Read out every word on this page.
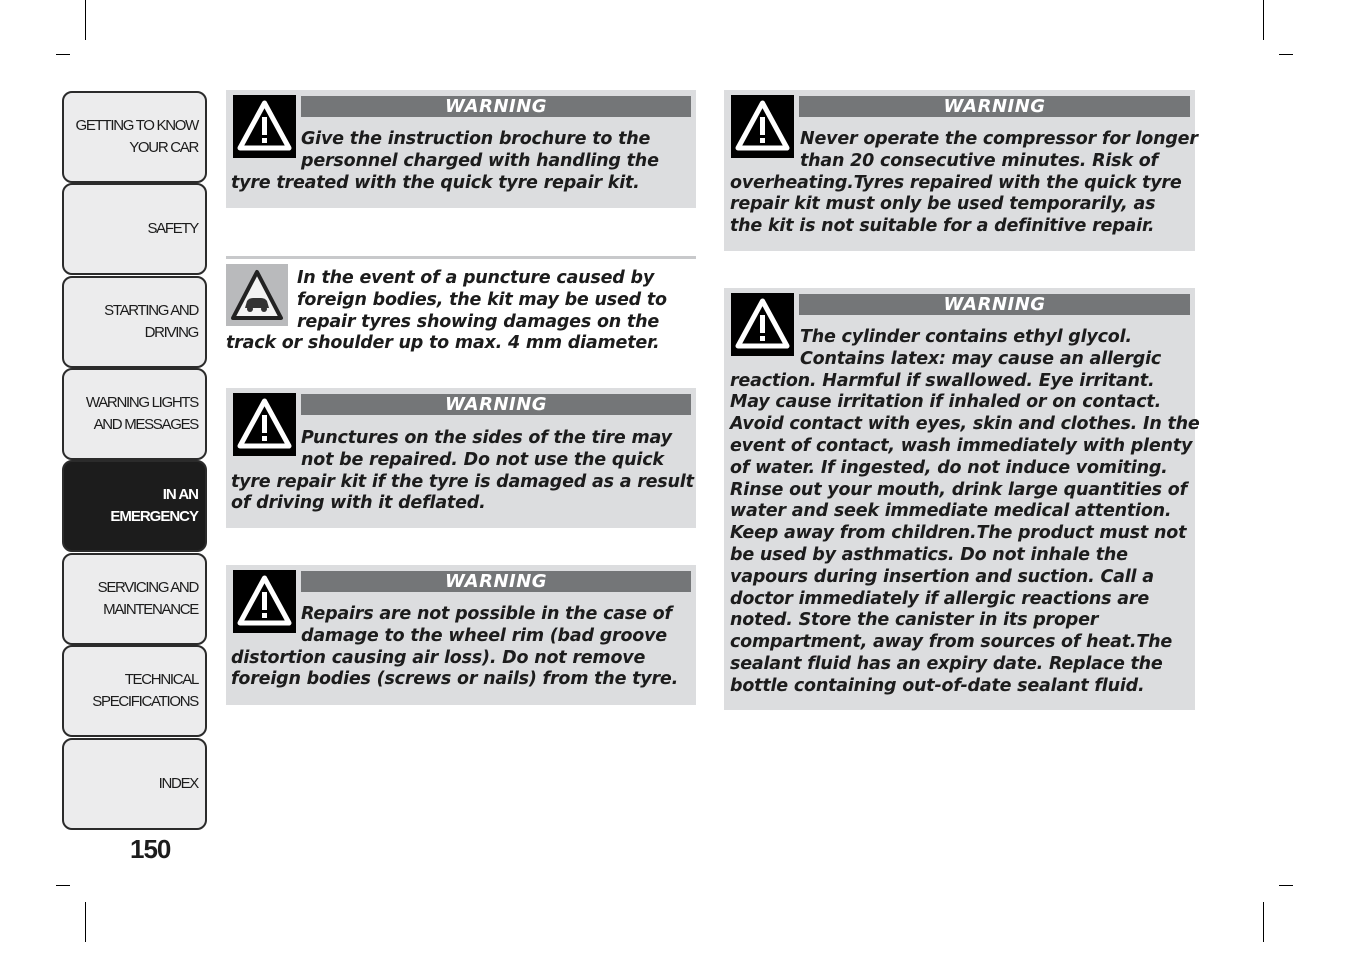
GETTING TO KNOW
YOUR CAR
SAFETY
STARTING AND
DRIVING
WARNING LIGHTS
AND MESSAGES
IN AN
EMERGENCY
SERVICING AND
MAINTENANCE
TECHNICAL
SPECIFICATIONS
INDEX
150
WARNING
Give the instruction brochure to the
personnel charged with handling the
tyre treated with the quick tyre repair kit.
In the event of a puncture caused by
foreign bodies, the kit may be used to
repair tyres showing damages on the
track or shoulder up to max. 4 mm diameter.
WARNING
Punctures on the sides of the tire may
not be repaired. Do not use the quick
tyre repair kit if the tyre is damaged as a result
of driving with it deflated.
WARNING
Repairs are not possible in the case of
damage to the wheel rim (bad groove
distortion causing air loss). Do not remove
foreign bodies (screws or nails) from the tyre.
WARNING
Never operate the compressor for longer
than 20 consecutive minutes. Risk of
overheating.Tyres repaired with the quick tyre
repair kit must only be used temporarily, as
the kit is not suitable for a definitive repair.
WARNING
The cylinder contains ethyl glycol.
Contains latex: may cause an allergic
reaction. Harmful if swallowed. Eye irritant.
May cause irritation if inhaled or on contact.
Avoid contact with eyes, skin and clothes. In the
event of contact, wash immediately with plenty
of water. If ingested, do not induce vomiting.
Rinse out your mouth, drink large quantities of
water and seek immediate medical attention.
Keep away from children.The product must not
be used by asthmatics. Do not inhale the
vapours during insertion and suction. Call a
doctor immediately if allergic reactions are
noted. Store the canister in its proper
compartment, away from sources of heat.The
sealant fluid has an expiry date. Replace the
bottle containing out-of-date sealant fluid.
